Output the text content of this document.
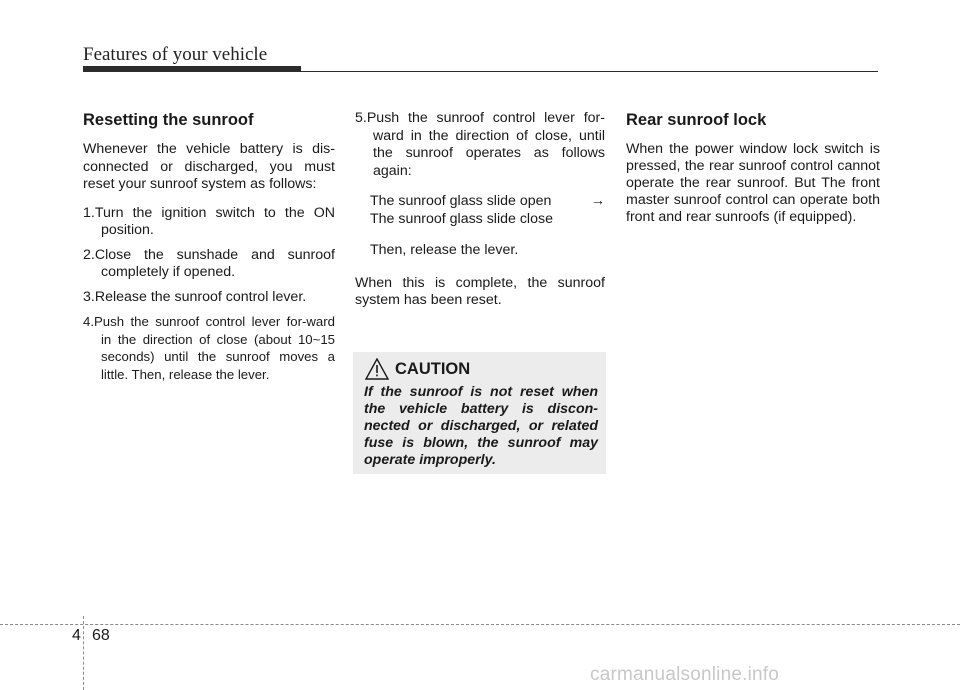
Features of your vehicle
Resetting the sunroof

Whenever the vehicle battery is dis-connected or discharged, you must reset your sunroof system as follows:

1.Turn the ignition switch to the ON position.
2.Close the sunshade and sunroof completely if opened.
3.Release the sunroof control lever.
4.Push the sunroof control lever for-ward in the direction of close (about 10~15 seconds) until the sunroof moves a little. Then, release the lever.
5.Push the sunroof control lever for-ward in the direction of close, until the sunroof operates as follows again:
The sunroof glass slide open	→
The sunroof glass slide close

Then, release the lever.

When this is complete, the sunroof system has been reset.

CAUTION
If the sunroof is not reset when the vehicle battery is discon-nected or discharged, or related fuse is blown, the sunroof may operate improperly.
Rear sunroof lock

When the power window lock switch is pressed, the rear sunroof control cannot operate the rear sunroof. But The front master sunroof control can operate both front and rear sunroofs (if equipped).

4 68
carmanualsonline.info
